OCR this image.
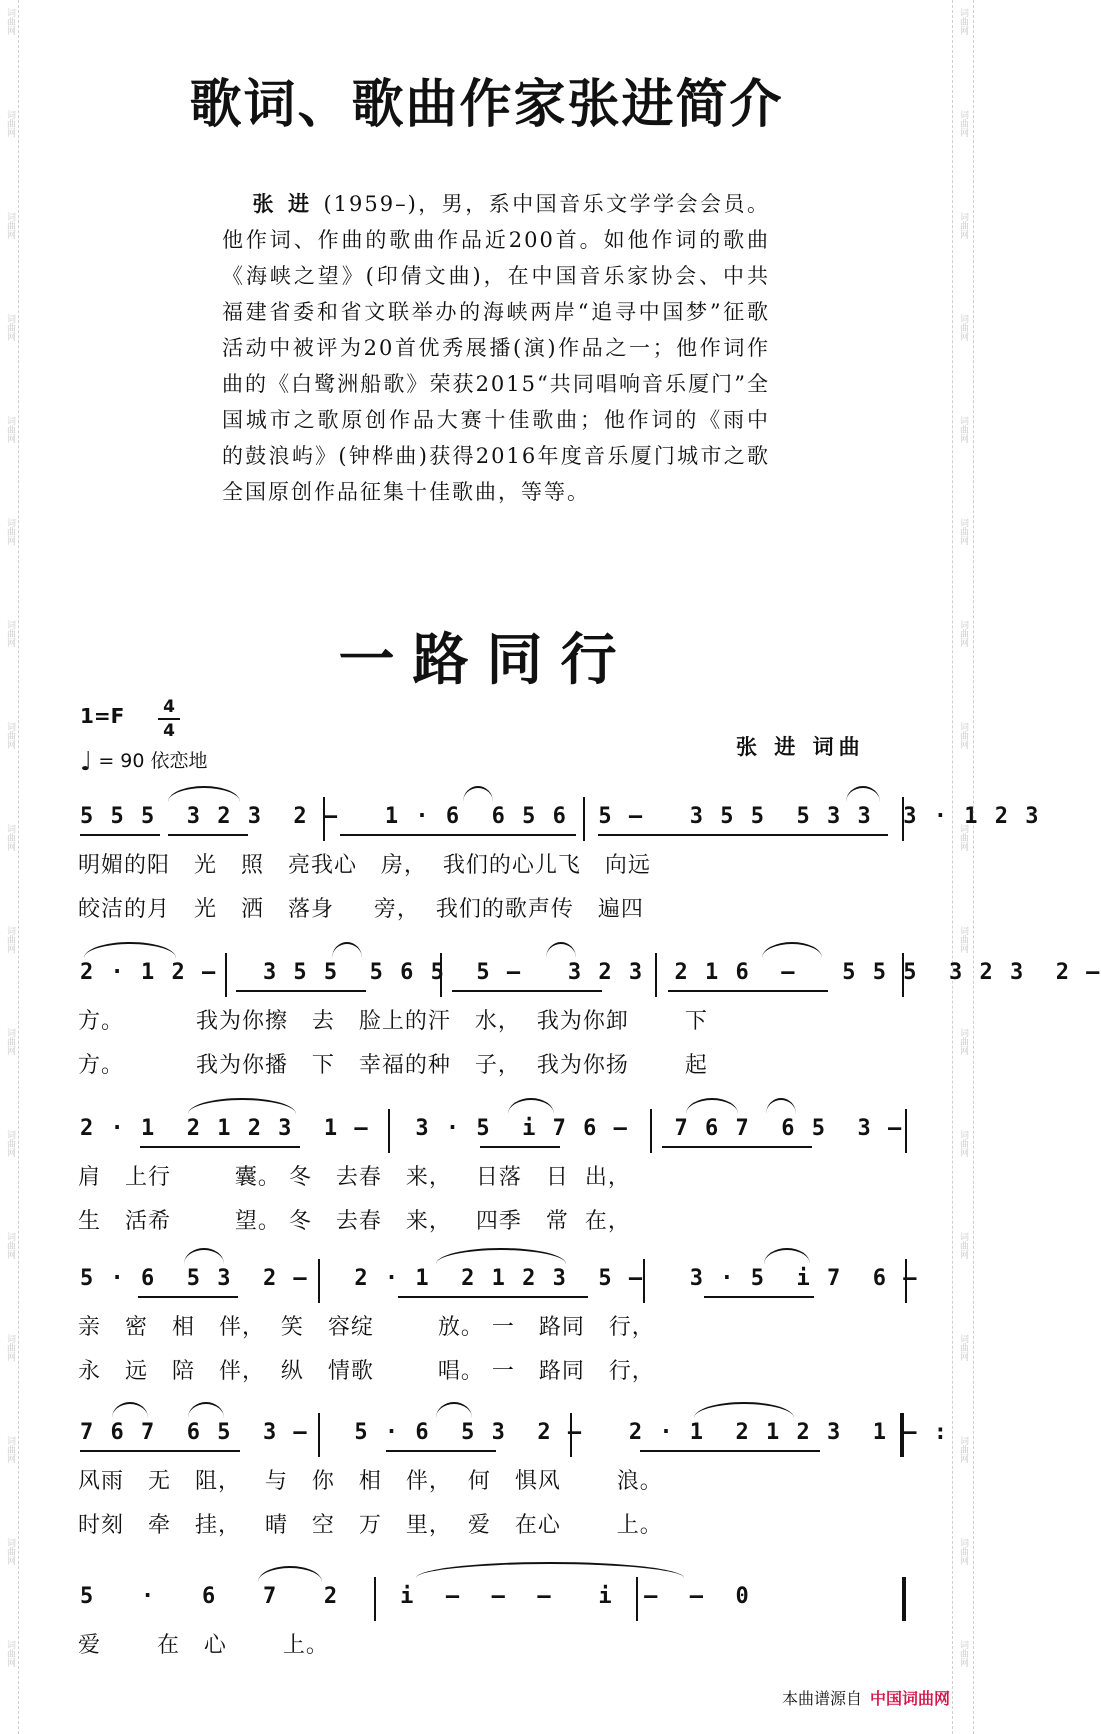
词曲网
词曲网
词曲网
词曲网
词曲网
词曲网
词曲网
词曲网
词曲网
词曲网
词曲网
词曲网
词曲网
词曲网
词曲网
词曲网
词曲网
词曲网
词曲网
词曲网
词曲网
词曲网
词曲网
词曲网
词曲网
词曲网
词曲网
词曲网
词曲网
词曲网
词曲网
词曲网
词曲网
词曲网
歌词、歌曲作家张进简介
张进(1959–)，男，系中国音乐文学学会会员。他作词、作曲的歌曲作品近200首。如他作词的歌曲《海峡之望》(印倩文曲)，在中国音乐家协会、中共福建省委和省文联举办的海峡两岸“追寻中国梦”征歌活动中被评为20首优秀展播(演)作品之一；他作词作曲的《白鹭洲船歌》荣获2015“共同唱响音乐厦门”全国城市之歌原创作品大赛十佳歌曲；他作词的《雨中的鼓浪屿》(钟桦曲)获得2016年度音乐厦门城市之歌全国原创作品征集十佳歌曲，等等。
一路同行
1=F 4
4
♩ = 90 依恋地
张 进 词曲
5 5 5  3 2 3  2 –   1 · 6  6 5 6  5 –   3 5 5  5 3 3  3 · 1 2 3
明媚的阳   光   照   亮我心   房，  我们的心儿飞   向远
皎洁的月   光   洒   落身     旁，  我们的歌声传   遍四
2 · 1 2 –   3 5 5  5 6 5  5 –   3 2 3  2 1 6  –   5 5 5  3 2 3  2 –
方。         我为你擦   去   脸上的汗   水，  我为你卸       下
方。         我为你播   下   幸福的种   子，  我为你扬       起
2 · 1  2 1 2 3  1 –   3 · 5  i 7 6 –   7 6 7  6 5  3 –
肩   上行        囊。 冬   去春   来，   日落   日  出，
生   活希        望。 冬   去春   来，   四季   常  在，
5 · 6  5 3  2 –   2 · 1  2 1 2 3  5 –   3 · 5  i 7  6 –
亲   密   相   伴，  笑   容绽        放。 一   路同   行，
永   远   陪   伴，  纵   情歌        唱。 一   路同   行，
7 6 7  6 5  3 –   5 · 6  5 3  2 –   2 · 1  2 1 2 3  1 – :
风雨   无   阻，   与   你   相   伴，  何   惧风       浪。
时刻   牵   挂，   晴   空   万   里，  爱   在心       上。
5   ·   6   7   2    i  –  –  –   i  –  –  0
爱       在   心       上。
本曲谱源自 中国词曲网
